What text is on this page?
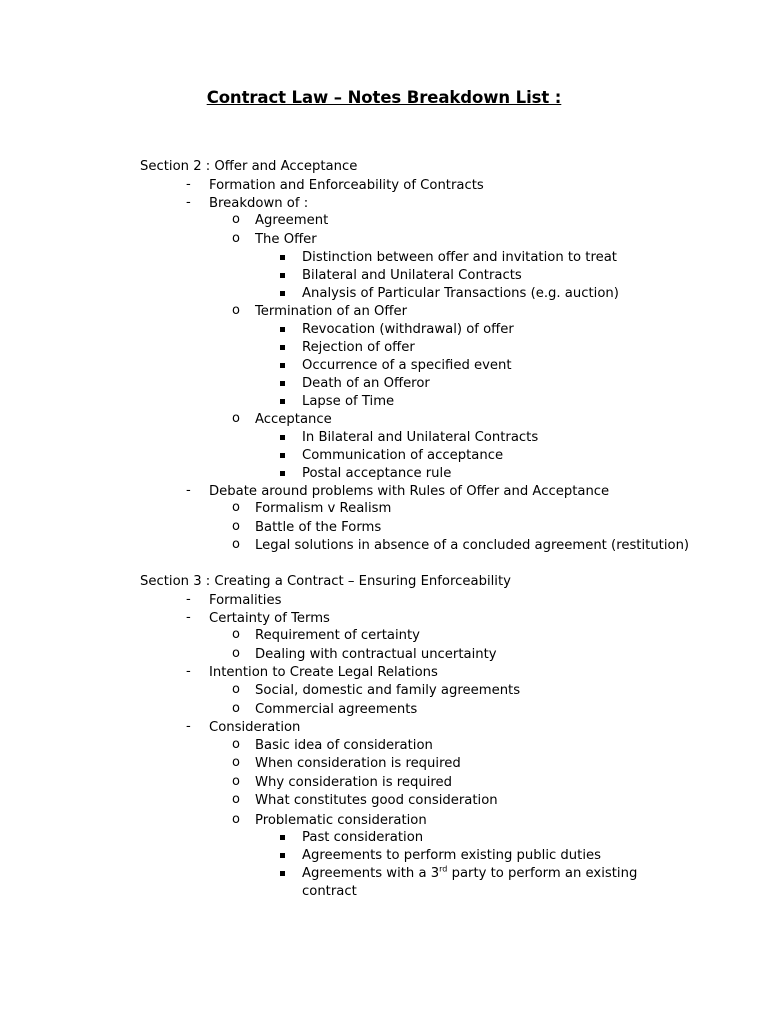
Contract Law – Notes Breakdown List :
Section 2 : Offer and Acceptance
- Formation and Enforceability of Contracts
- Breakdown of :
o Agreement
o The Offer
Distinction between offer and invitation to treat
Bilateral and Unilateral Contracts
Analysis of Particular Transactions (e.g. auction)
o Termination of an Offer
Revocation (withdrawal) of offer
Rejection of offer
Occurrence of a specified event
Death of an Offeror
Lapse of Time
o Acceptance
In Bilateral and Unilateral Contracts
Communication of acceptance
Postal acceptance rule
- Debate around problems with Rules of Offer and Acceptance
o Formalism v Realism
o Battle of the Forms
o Legal solutions in absence of a concluded agreement (restitution)
Section 3 : Creating a Contract – Ensuring Enforceability
- Formalities
- Certainty of Terms
o Requirement of certainty
o Dealing with contractual uncertainty
- Intention to Create Legal Relations
o Social, domestic and family agreements
o Commercial agreements
- Consideration
o Basic idea of consideration
o When consideration is required
o Why consideration is required
o What constitutes good consideration
o Problematic consideration
Past consideration
Agreements to perform existing public duties
Agreements with a 3rd party to perform an existing
contract
